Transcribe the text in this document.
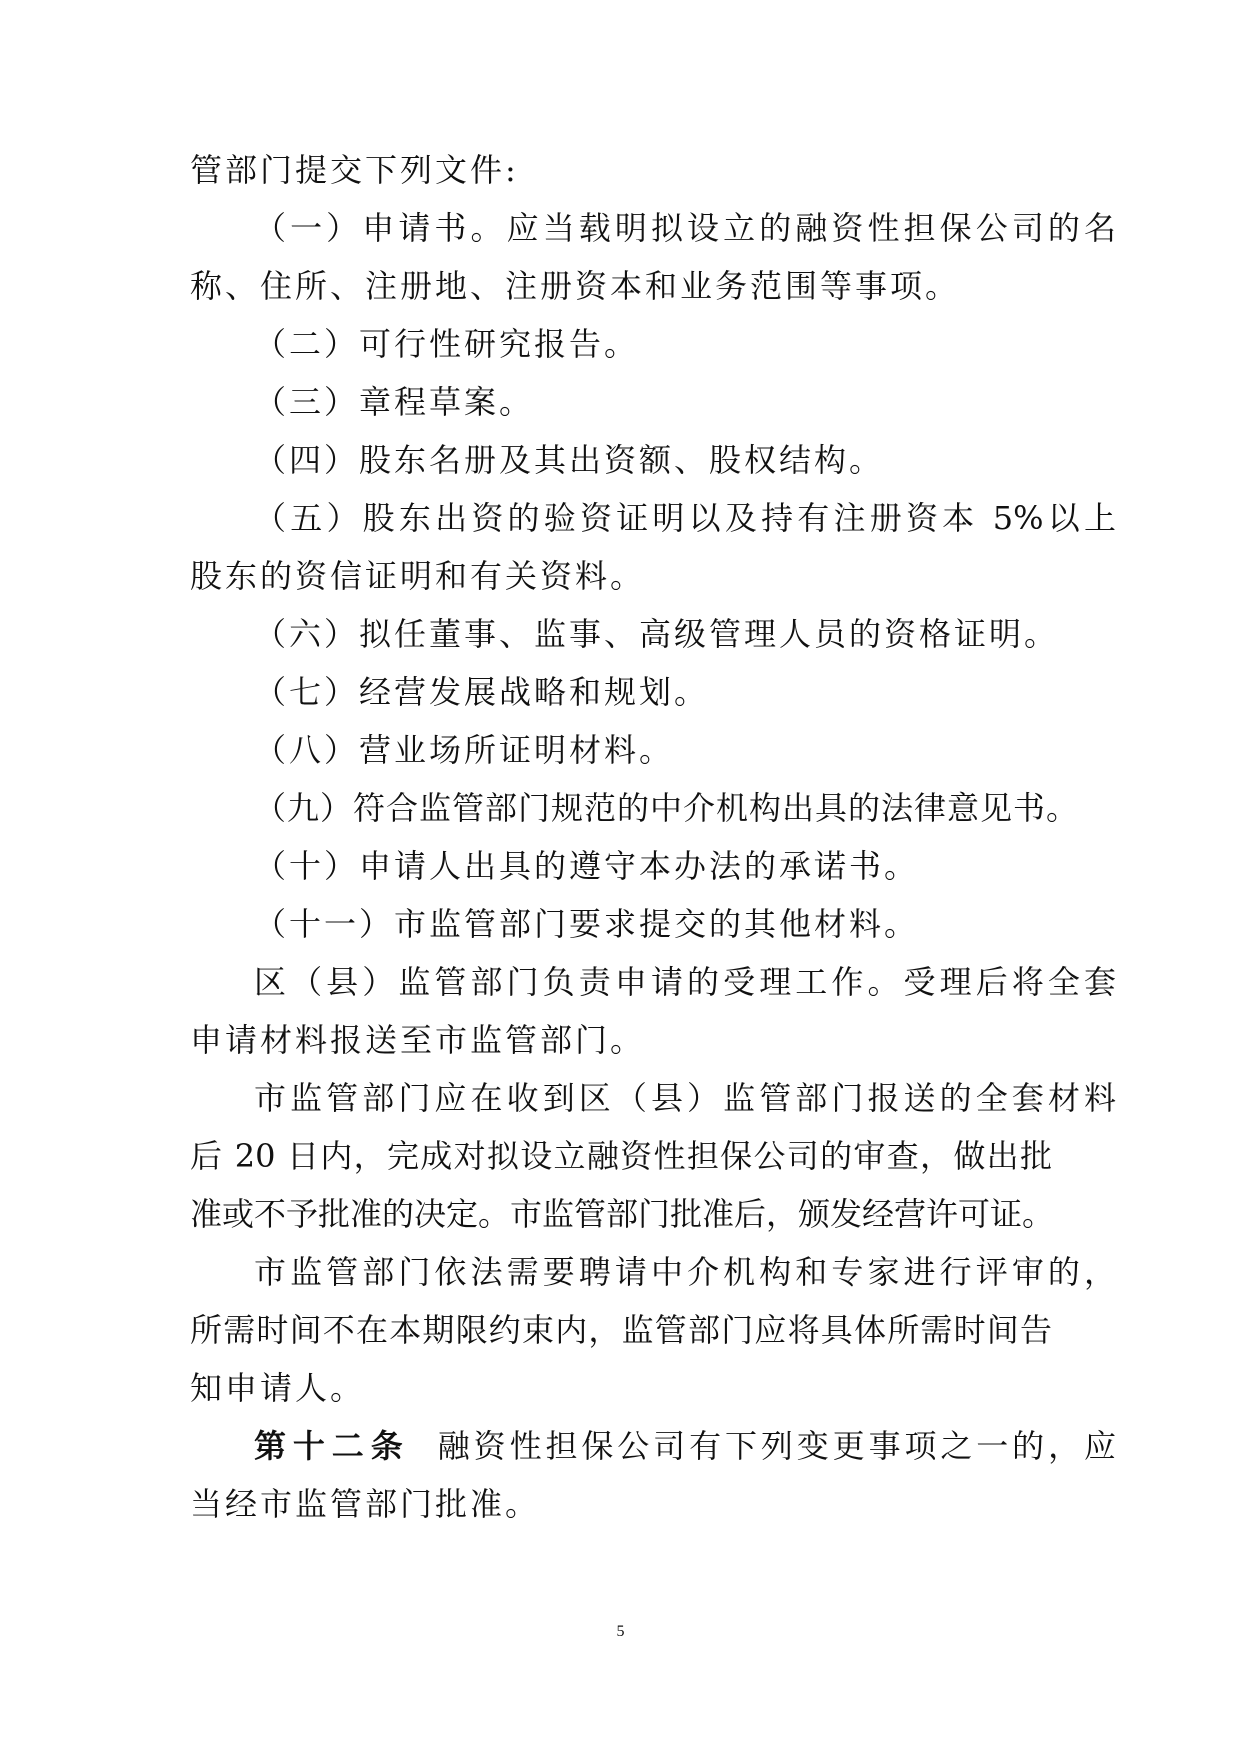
管部门提交下列文件:
（一）申请书。应当载明拟设立的融资性担保公司的名
称、住所、注册地、注册资本和业务范围等事项。
（二）可行性研究报告。
（三）章程草案。
（四）股东名册及其出资额、股权结构。
（五）股东出资的验资证明以及持有注册资本 5%以上
股东的资信证明和有关资料。
（六）拟任董事、监事、高级管理人员的资格证明。
（七）经营发展战略和规划。
（八）营业场所证明材料。
（九）符合监管部门规范的中介机构出具的法律意见书。
（十）申请人出具的遵守本办法的承诺书。
（十一）市监管部门要求提交的其他材料。
区（县）监管部门负责申请的受理工作。受理后将全套
申请材料报送至市监管部门。
市监管部门应在收到区（县）监管部门报送的全套材料
后 20 日内，完成对拟设立融资性担保公司的审查，做出批
准或不予批准的决定。市监管部门批准后，颁发经营许可证。
市监管部门依法需要聘请中介机构和专家进行评审的，
所需时间不在本期限约束内，监管部门应将具体所需时间告
知申请人。
第十二条 融资性担保公司有下列变更事项之一的，应
当经市监管部门批准。
5
